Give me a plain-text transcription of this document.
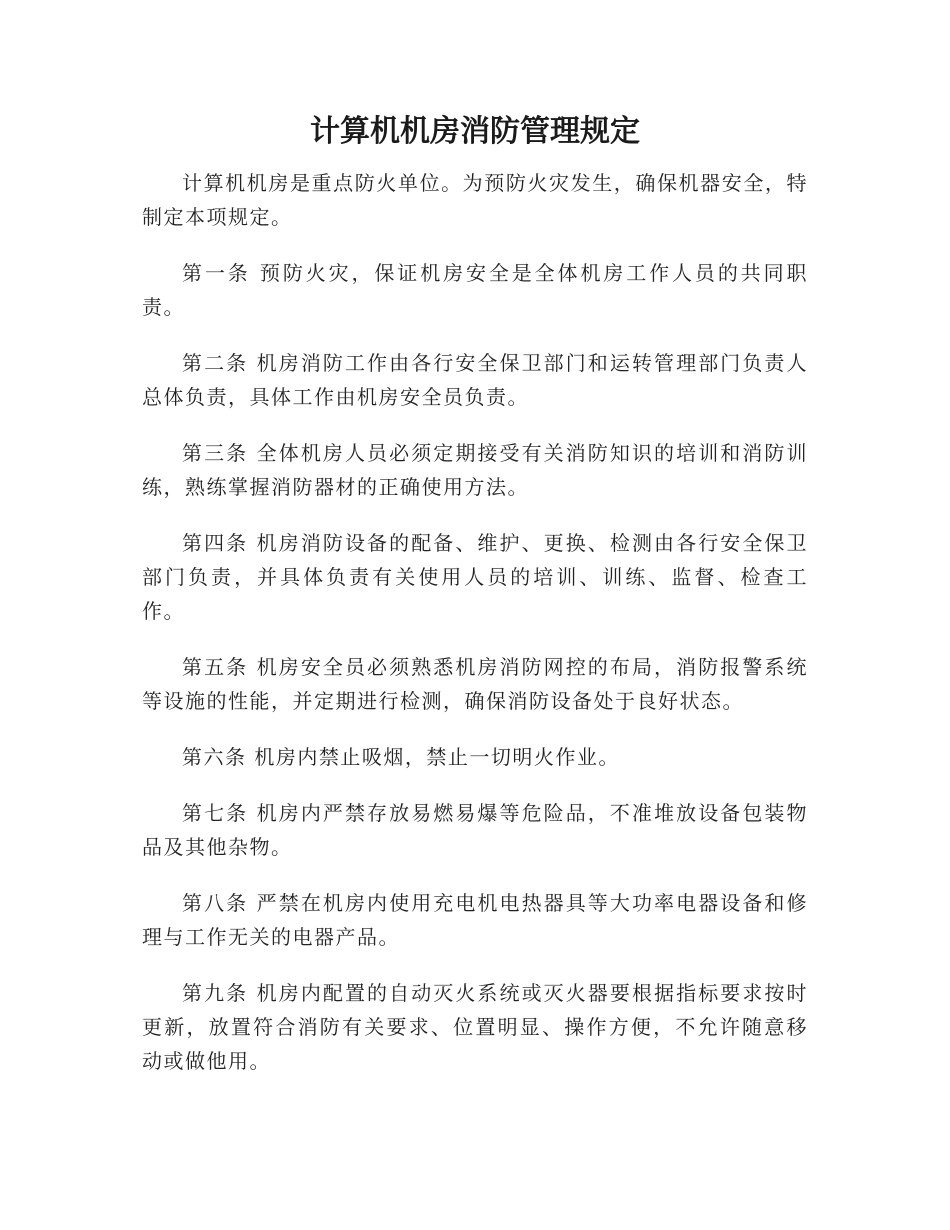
计算机机房消防管理规定

计算机机房是重点防火单位。为预防火灾发生，确保机器安全，特制定本项规定。

第一条 预防火灾，保证机房安全是全体机房工作人员的共同职责。

第二条 机房消防工作由各行安全保卫部门和运转管理部门负责人总体负责，具体工作由机房安全员负责。

第三条 全体机房人员必须定期接受有关消防知识的培训和消防训练，熟练掌握消防器材的正确使用方法。

第四条 机房消防设备的配备、维护、更换、检测由各行安全保卫部门负责，并具体负责有关使用人员的培训、训练、监督、检查工作。

第五条 机房安全员必须熟悉机房消防网控的布局，消防报警系统等设施的性能，并定期进行检测，确保消防设备处于良好状态。

第六条 机房内禁止吸烟，禁止一切明火作业。

第七条 机房内严禁存放易燃易爆等危险品，不准堆放设备包装物品及其他杂物。

第八条 严禁在机房内使用充电机电热器具等大功率电器设备和修理与工作无关的电器产品。

第九条 机房内配置的自动灭火系统或灭火器要根据指标要求按时更新，放置符合消防有关要求、位置明显、操作方便，不允许随意移动或做他用。
